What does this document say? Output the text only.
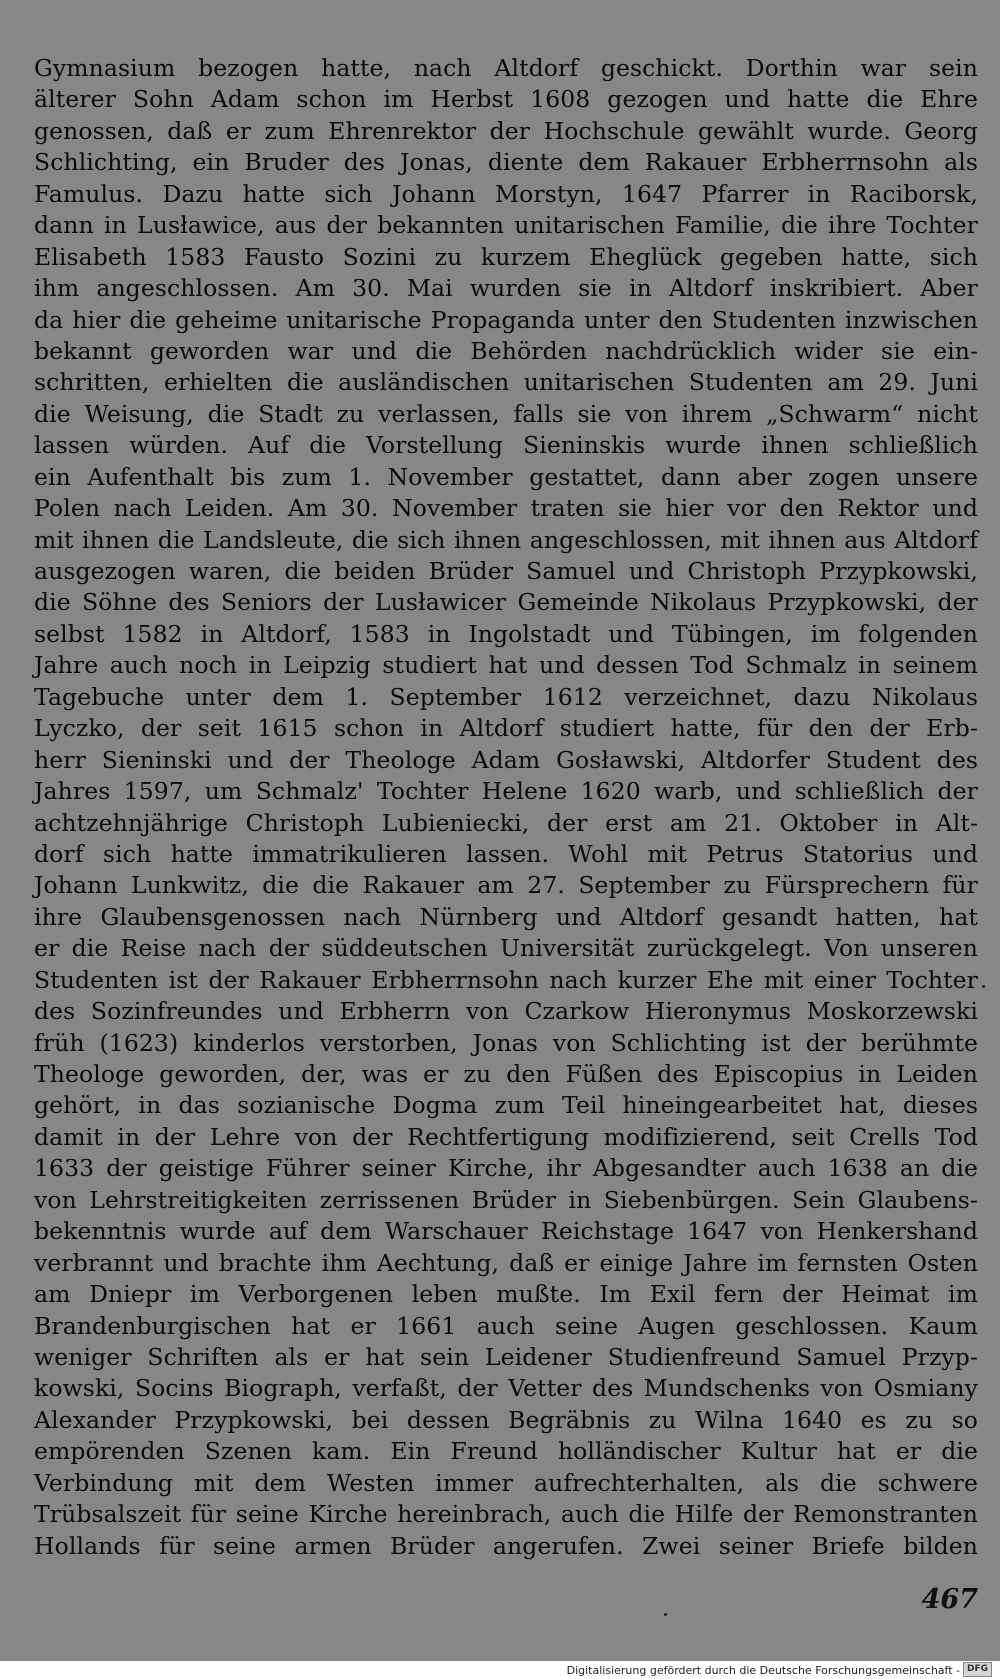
Gymnasium bezogen hatte, nach Altdorf geschickt. Dorthin war sein
älterer Sohn Adam schon im Herbst 1608 gezogen und hatte die Ehre
genossen, daß er zum Ehrenrektor der Hochschule gewählt wurde. Georg
Schlichting, ein Bruder des Jonas, diente dem Rakauer Erbherrnsohn als
Famulus. Dazu hatte sich Johann Morstyn, 1647 Pfarrer in Raciborsk,
dann in Lusławice, aus der bekannten unitarischen Familie, die ihre Tochter
Elisabeth 1583 Fausto Sozini zu kurzem Eheglück gegeben hatte, sich
ihm angeschlossen. Am 30. Mai wurden sie in Altdorf inskribiert. Aber
da hier die geheime unitarische Propaganda unter den Studenten inzwischen
bekannt geworden war und die Behörden nachdrücklich wider sie ein-
schritten, erhielten die ausländischen unitarischen Studenten am 29. Juni
die Weisung, die Stadt zu verlassen, falls sie von ihrem „Schwarm“ nicht
lassen würden. Auf die Vorstellung Sieninskis wurde ihnen schließlich
ein Aufenthalt bis zum 1. November gestattet, dann aber zogen unsere
Polen nach Leiden. Am 30. November traten sie hier vor den Rektor und
mit ihnen die Landsleute, die sich ihnen angeschlossen, mit ihnen aus Altdorf
ausgezogen waren, die beiden Brüder Samuel und Christoph Przypkowski,
die Söhne des Seniors der Lusławicer Gemeinde Nikolaus Przypkowski, der
selbst 1582 in Altdorf, 1583 in Ingolstadt und Tübingen, im folgenden
Jahre auch noch in Leipzig studiert hat und dessen Tod Schmalz in seinem
Tagebuche unter dem 1. September 1612 verzeichnet, dazu Nikolaus
Lyczko, der seit 1615 schon in Altdorf studiert hatte, für den der Erb-
herr Sieninski und der Theologe Adam Gosławski, Altdorfer Student des
Jahres 1597, um Schmalz' Tochter Helene 1620 warb, und schließlich der
achtzehnjährige Christoph Lubieniecki, der erst am 21. Oktober in Alt-
dorf sich hatte immatrikulieren lassen. Wohl mit Petrus Statorius und
Johann Lunkwitz, die die Rakauer am 27. September zu Fürsprechern für
ihre Glaubensgenossen nach Nürnberg und Altdorf gesandt hatten, hat
er die Reise nach der süddeutschen Universität zurückgelegt. Von unseren
Studenten ist der Rakauer Erbherrnsohn nach kurzer Ehe mit einer Tochter
des Sozinfreundes und Erbherrn von Czarkow Hieronymus Moskorzewski
früh (1623) kinderlos verstorben, Jonas von Schlichting ist der berühmte
Theologe geworden, der, was er zu den Füßen des Episcopius in Leiden
gehört, in das sozianische Dogma zum Teil hineingearbeitet hat, dieses
damit in der Lehre von der Rechtfertigung modifizierend, seit Crells Tod
1633 der geistige Führer seiner Kirche, ihr Abgesandter auch 1638 an die
von Lehrstreitigkeiten zerrissenen Brüder in Siebenbürgen. Sein Glaubens-
bekenntnis wurde auf dem Warschauer Reichstage 1647 von Henkershand
verbrannt und brachte ihm Aechtung, daß er einige Jahre im fernsten Osten
am Dniepr im Verborgenen leben mußte. Im Exil fern der Heimat im
Brandenburgischen hat er 1661 auch seine Augen geschlossen. Kaum
weniger Schriften als er hat sein Leidener Studienfreund Samuel Przyp-
kowski, Socins Biograph, verfaßt, der Vetter des Mundschenks von Osmiany
Alexander Przypkowski, bei dessen Begräbnis zu Wilna 1640 es zu so
empörenden Szenen kam. Ein Freund holländischer Kultur hat er die
Verbindung mit dem Westen immer aufrechterhalten, als die schwere
Trübsalszeit für seine Kirche hereinbrach, auch die Hilfe der Remonstranten
Hollands für seine armen Brüder angerufen. Zwei seiner Briefe bilden
467
Digitalisierung gefördert durch die Deutsche Forschungsgemeinschaft - DFG
